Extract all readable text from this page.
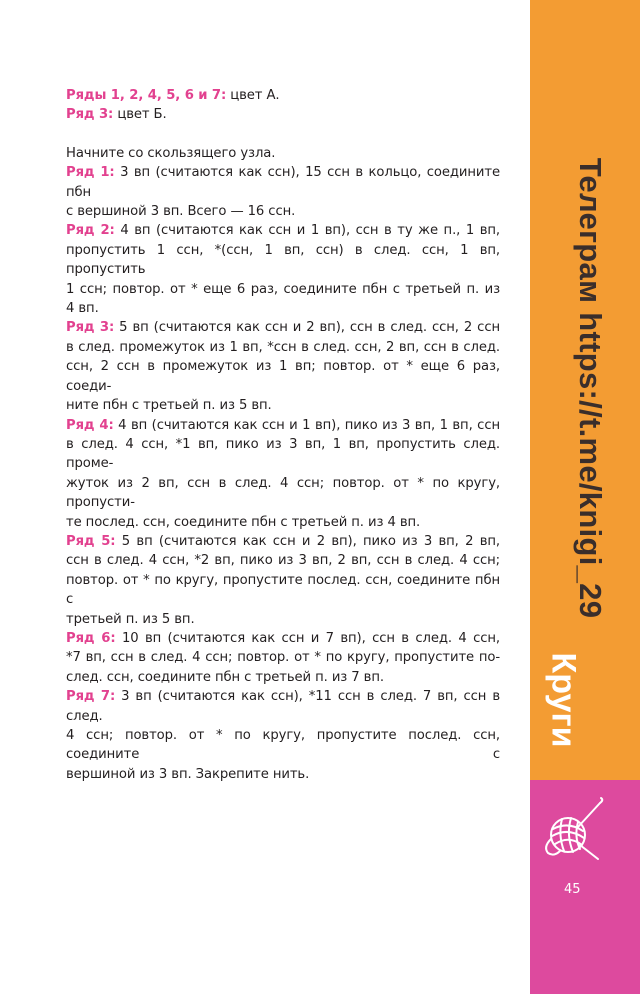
Ряды 1, 2, 4, 5, 6 и 7: цвет А.
Ряд 3: цвет Б.
Начните со скользящего узла.
Ряд 1: 3 вп (считаются как ссн), 15 ссн в кольцо, соедините пбн
с вершиной 3 вп. Всего — 16 ссн.
Ряд 2: 4 вп (считаются как ссн и 1 вп), ссн в ту же п., 1 вп,
пропустить 1 ссн, *(ссн, 1 вп, ссн) в след. ссн, 1 вп, пропустить
1 ссн; повтор. от * еще 6 раз, соедините пбн с третьей п. из
4 вп.
Ряд 3: 5 вп (считаются как ссн и 2 вп), ссн в след. ссн, 2 ссн
в след. промежуток из 1 вп, *ссн в след. ссн, 2 вп, ссн в след.
ссн, 2 ссн в промежуток из 1 вп; повтор. от * еще 6 раз, соеди-
ните пбн с третьей п. из 5 вп.
Ряд 4: 4 вп (считаются как ссн и 1 вп), пико из 3 вп, 1 вп, ссн
в след. 4 ссн, *1 вп, пико из 3 вп, 1 вп, пропустить след. проме-
жуток из 2 вп, ссн в след. 4 ссн; повтор. от * по кругу, пропусти-
те послед. ссн, соедините пбн с третьей п. из 4 вп.
Ряд 5: 5 вп (считаются как ссн и 2 вп), пико из 3 вп, 2 вп,
ссн в след. 4 ссн, *2 вп, пико из 3 вп, 2 вп, ссн в след. 4 ссн;
повтор. от * по кругу, пропустите послед. ссн, соедините пбн с
третьей п. из 5 вп.
Ряд 6: 10 вп (считаются как ссн и 7 вп), ссн в след. 4 ссн,
*7 вп, ссн в след. 4 ссн; повтор. от * по кругу, пропустите по-
след. ссн, соедините пбн с третьей п. из 7 вп.
Ряд 7: 3 вп (считаются как ссн), *11 ссн в след. 7 вп, ссн в след.
4 ссн; повтор. от * по кругу, пропустите послед. ссн, соедините с
вершиной из 3 вп. Закрепите нить.
Телеграм https://t.me/knigi_29
Круги
45
